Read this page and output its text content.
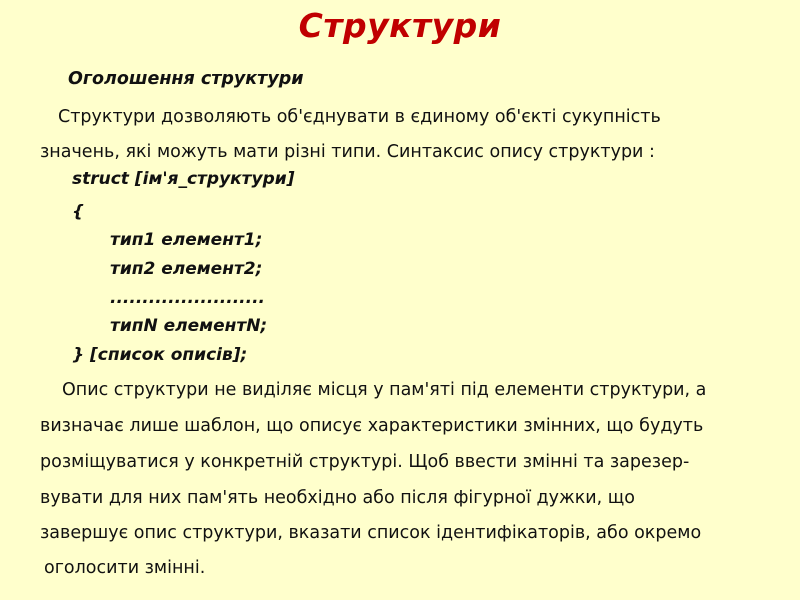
Структури
Оголошення структури
Структури дозволяють об'єднувати в єдиному об'єкті сукупність
значень, які можуть мати різні типи. Синтаксис опису структури :
struct [ім'я_структури]
{
тип1 елемент1;
тип2 елемент2;
........................
типN елементN;
} [список описів];
Опис структури не виділяє місця у пам'яті під елементи структури, а
визначає лише шаблон, що описує характеристики змінних, що будуть
розміщуватися у конкретній структурі. Щоб ввести змінні та зарезер-
вувати для них пам'ять необхідно або після фігурної дужки, що
завершує опис структури, вказати список ідентифікаторів, або окремо
оголосити змінні.
